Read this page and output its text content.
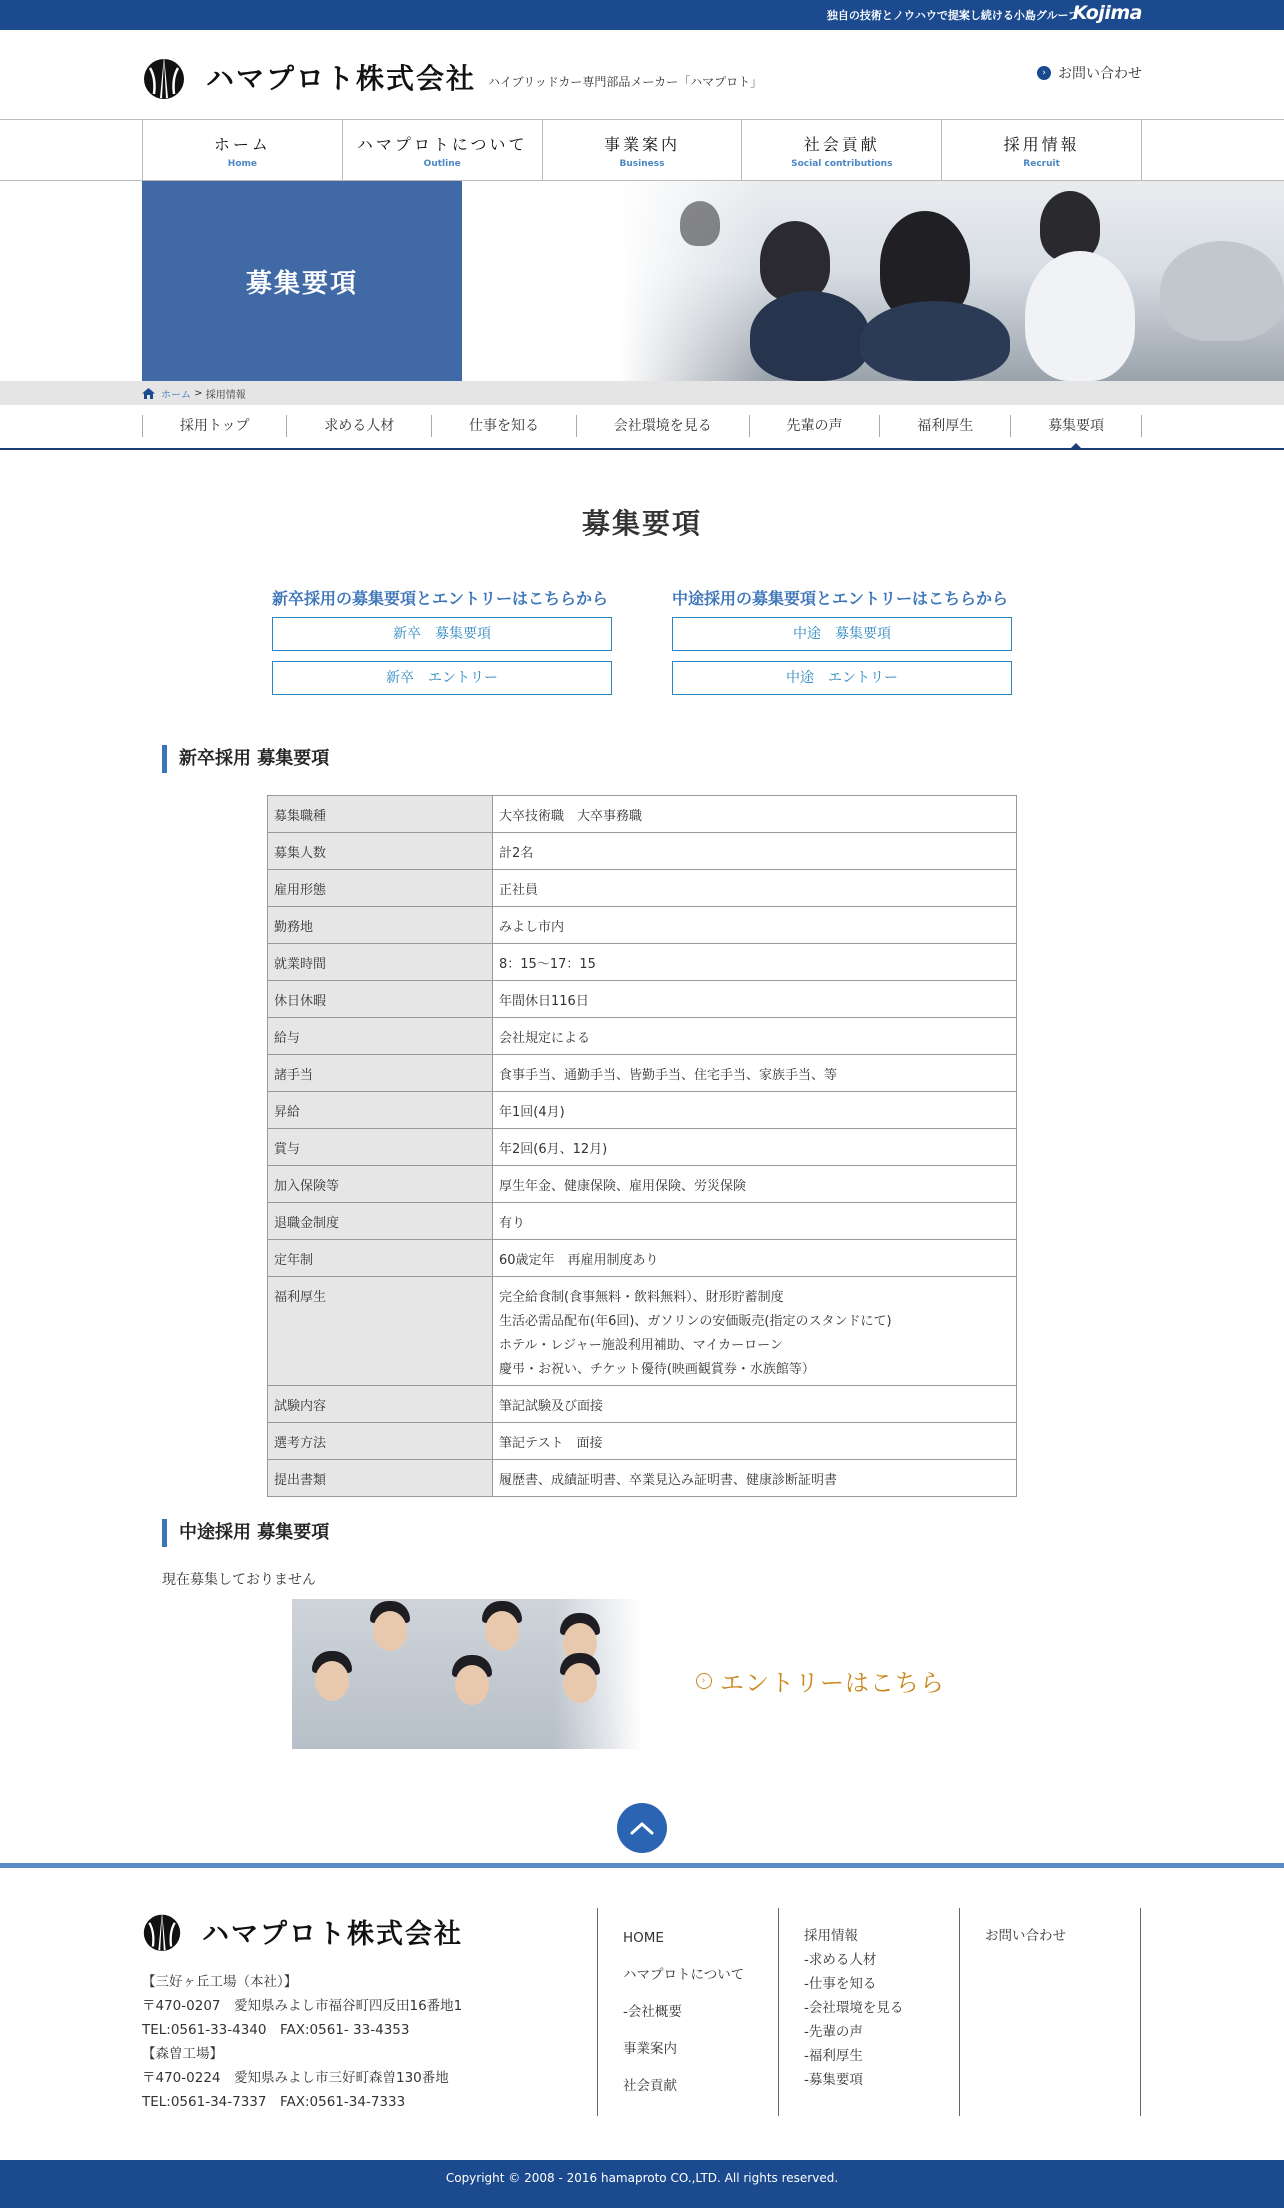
独自の技術とノウハウで提案し続ける小島グループ
Kojima
ハマプロト株式会社 ハイブリッドカー専門部品メーカー「ハマプロト」
› お問い合わせ
ホーム
Home
ハマプロトについて
Outline
事業案内
Business
社会貢献
Social contributions
採用情報
Recruit
募集要項
ホーム > 採用情報
採用トップ	求める人材	仕事を知る	会社環境を見る	先輩の声	福利厚生	募集要項
募集要項
新卒採用の募集要項とエントリーはこちらから
新卒　募集要項
新卒　エントリー
中途採用の募集要項とエントリーはこちらから
中途　募集要項
中途　エントリー
新卒採用 募集要項
募集職種	大卒技術職　大卒事務職
募集人数	計2名
雇用形態	正社員
勤務地	みよし市内
就業時間	8：15～17：15
休日休暇	年間休日116日
給与	会社規定による
諸手当	食事手当、通勤手当、皆勤手当、住宅手当、家族手当、等
昇給	年1回(4月)
賞与	年2回(6月、12月)
加入保険等	厚生年金、健康保険、雇用保険、労災保険
退職金制度	有り
定年制	60歳定年　再雇用制度あり
福利厚生	完全給食制(食事無料・飲料無料）、財形貯蓄制度
生活必需品配布(年6回)、ガソリンの安価販売(指定のスタンドにて)
ホテル・レジャー施設利用補助、マイカーローン
慶弔・お祝い、チケット優待(映画観賞券・水族館等）

試験内容	筆記試験及び面接
選考方法	筆記テスト　面接
提出書類	履歴書、成績証明書、卒業見込み証明書、健康診断証明書
中途採用 募集要項

現在募集しておりません

› エントリーはこちら
ハマプロト株式会社
【三好ヶ丘工場（本社）】
〒470-0207　愛知県みよし市福谷町四反田16番地1
TEL:0561-33-4340　FAX:0561- 33-4353
【森曽工場】
〒470-0224　愛知県みよし市三好町森曽130番地
TEL:0561-34-7337　FAX:0561-34-7333
HOME
ハマプロトについて
-会社概要
事業案内
社会貢献
採用情報
-求める人材
-仕事を知る
-会社環境を見る
-先輩の声
-福利厚生
-募集要項
お問い合わせ
Copyright © 2008 - 2016 hamaproto CO.,LTD. All rights reserved.
